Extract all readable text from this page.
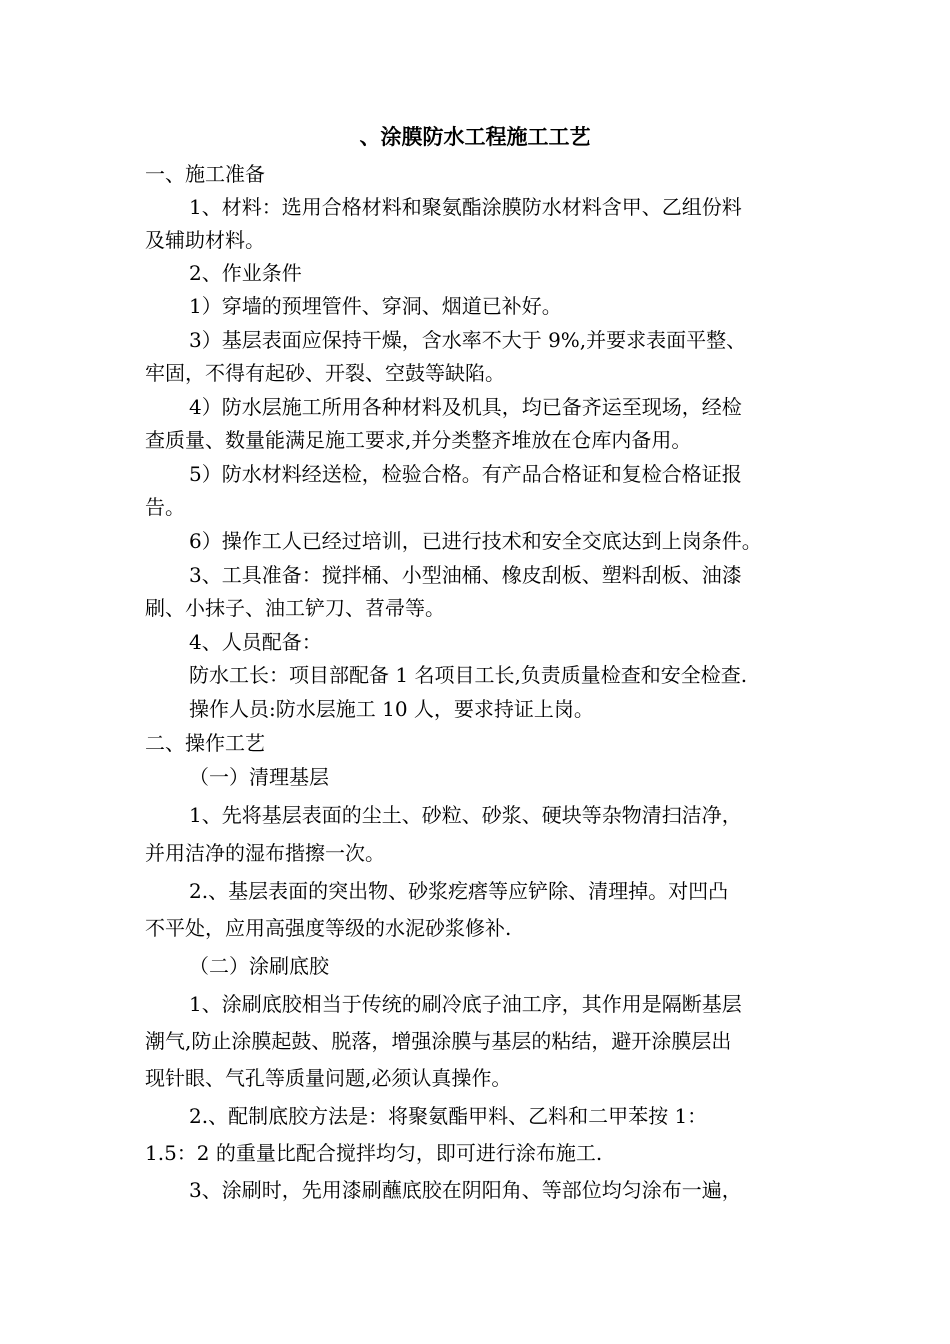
、涂膜防水工程施工工艺
一、施工准备
1、材料：选用合格材料和聚氨酯涂膜防水材料含甲、乙组份料
及辅助材料。
2、作业条件
1）穿墙的预埋管件、穿洞、烟道已补好。
3）基层表面应保持干燥，含水率不大于 9%,并要求表面平整、
牢固，不得有起砂、开裂、空鼓等缺陷。
4）防水层施工所用各种材料及机具，均已备齐运至现场，经检
查质量、数量能满足施工要求,并分类整齐堆放在仓库内备用。
5）防水材料经送检，检验合格。有产品合格证和复检合格证报
告。
6）操作工人已经过培训，已进行技术和安全交底达到上岗条件。
3、工具准备：搅拌桶、小型油桶、橡皮刮板、塑料刮板、油漆
刷、小抹子、油工铲刀、苕帚等。
4、人员配备：
防水工长：项目部配备 1 名项目工长,负责质量检查和安全检查.
操作人员:防水层施工 10 人，要求持证上岗。
二、操作工艺
（一）清理基层
1、先将基层表面的尘土、砂粒、砂浆、硬块等杂物清扫洁净，
并用洁净的湿布揩擦一次。
2.、基层表面的突出物、砂浆疙瘩等应铲除、清理掉。对凹凸
不平处，应用高强度等级的水泥砂浆修补.
（二）涂刷底胶
1、涂刷底胶相当于传统的刷冷底子油工序，其作用是隔断基层
潮气,防止涂膜起鼓、脱落，增强涂膜与基层的粘结，避开涂膜层出
现针眼、气孔等质量问题,必须认真操作。
2.、配制底胶方法是：将聚氨酯甲料、乙料和二甲苯按 1：
1.5：2 的重量比配合搅拌均匀，即可进行涂布施工.
3、涂刷时，先用漆刷蘸底胶在阴阳角、等部位均匀涂布一遍，
